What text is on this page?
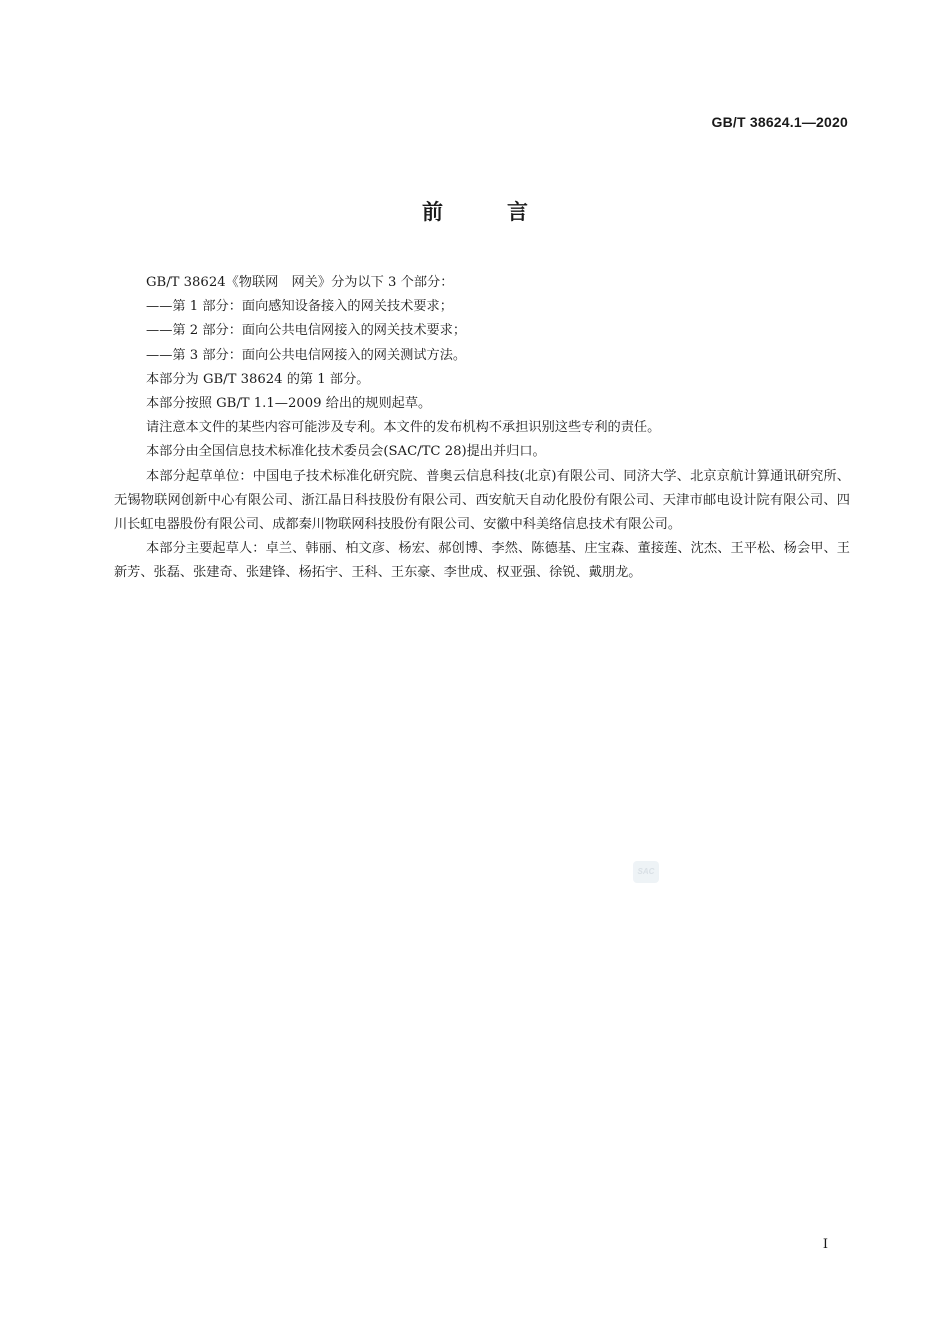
GB/T 38624.1—2020
前言

GB/T 38624《物联网　网关》分为以下 3 个部分：

——第 1 部分：面向感知设备接入的网关技术要求；

——第 2 部分：面向公共电信网接入的网关技术要求；

——第 3 部分：面向公共电信网接入的网关测试方法。

本部分为 GB/T 38624 的第 1 部分。

本部分按照 GB/T 1.1—2009 给出的规则起草。

请注意本文件的某些内容可能涉及专利。本文件的发布机构不承担识别这些专利的责任。

本部分由全国信息技术标准化技术委员会(SAC/TC 28)提出并归口。

本部分起草单位：中国电子技术标准化研究院、普奥云信息科技(北京)有限公司、同济大学、北京京航计算通讯研究所、无锡物联网创新中心有限公司、浙江晶日科技股份有限公司、西安航天自动化股份有限公司、天津市邮电设计院有限公司、四川长虹电器股份有限公司、成都秦川物联网科技股份有限公司、安徽中科美络信息技术有限公司。

本部分主要起草人：卓兰、韩丽、柏文彦、杨宏、郝创博、李然、陈德基、庄宝森、董接莲、沈杰、王平松、杨会甲、王新芳、张磊、张建奇、张建锋、杨拓宇、王科、王东豪、李世成、权亚强、徐锐、戴朋龙。

SAC
I
